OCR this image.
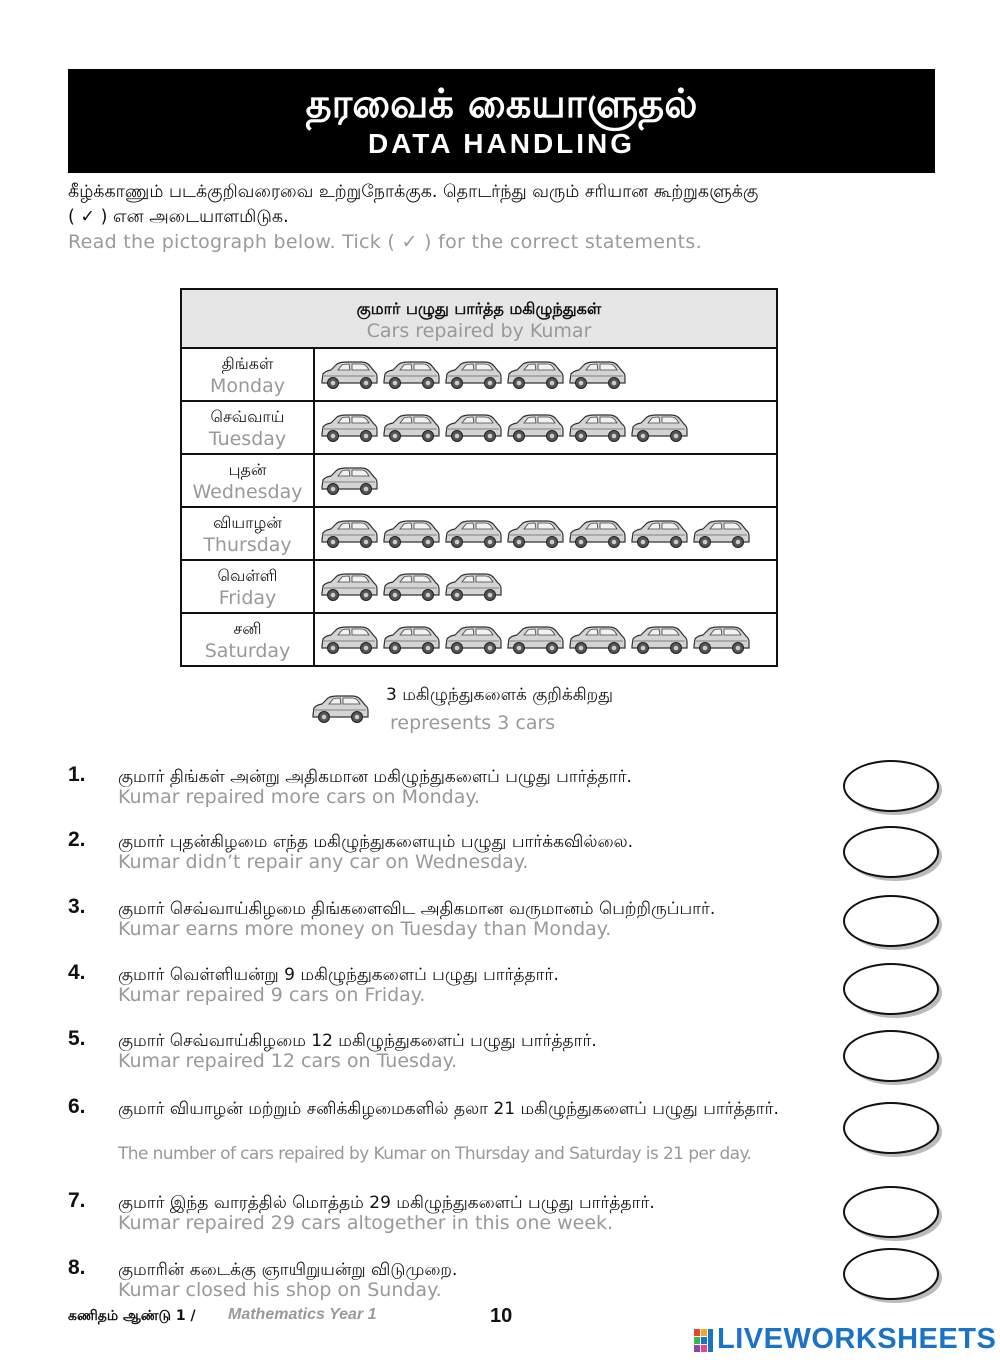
தரவைக் கையாளுதல்
DATA HANDLING
கீழ்க்காணும் படக்குறிவரைவை உற்றுநோக்குக. தொடர்ந்து வரும் சரியான கூற்றுகளுக்கு
( ✓ ) என அடையாளமிடுக.
Read the pictograph below. Tick ( ✓ ) for the correct statements.
குமார் பழுது பார்த்த மகிழுந்துகள்
Cars repaired by Kumar	

திங்கள்
Monday

செவ்வாய்
Tuesday

புதன்
Wednesday

வியாழன்
Thursday

வெள்ளி
Friday

சனி
Saturday

3 மகிழுந்துகளைக் குறிக்கிறது
represents 3 cars
1. குமார் திங்கள் அன்று அதிகமான மகிழுந்துகளைப் பழுது பார்த்தார்.
Kumar repaired more cars on Monday.
2. குமார் புதன்கிழமை எந்த மகிழுந்துகளையும் பழுது பார்க்கவில்லை.
Kumar didn’t repair any car on Wednesday.
3. குமார் செவ்வாய்கிழமை திங்களைவிட அதிகமான வருமானம் பெற்றிருப்பார்.
Kumar earns more money on Tuesday than Monday.
4. குமார் வெள்ளியன்று 9 மகிழுந்துகளைப் பழுது பார்த்தார்.
Kumar repaired 9 cars on Friday.
5. குமார் செவ்வாய்கிழமை 12 மகிழுந்துகளைப் பழுது பார்த்தார்.
Kumar repaired 12 cars on Tuesday.
6. குமார் வியாழன் மற்றும் சனிக்கிழமைகளில் தலா 21 மகிழுந்துகளைப் பழுது பார்த்தார்.
The number of cars repaired by Kumar on Thursday and Saturday is 21 per day.
7. குமார் இந்த வாரத்தில் மொத்தம் 29 மகிழுந்துகளைப் பழுது பார்த்தார்.
Kumar repaired 29 cars altogether in this one week.
8. குமாரின் கடைக்கு ஞாயிறுயன்று விடுமுறை.
Kumar closed his shop on Sunday.
கணிதம் ஆண்டு 1 / Mathematics Year 1	10
LIVEWORKSHEETS
